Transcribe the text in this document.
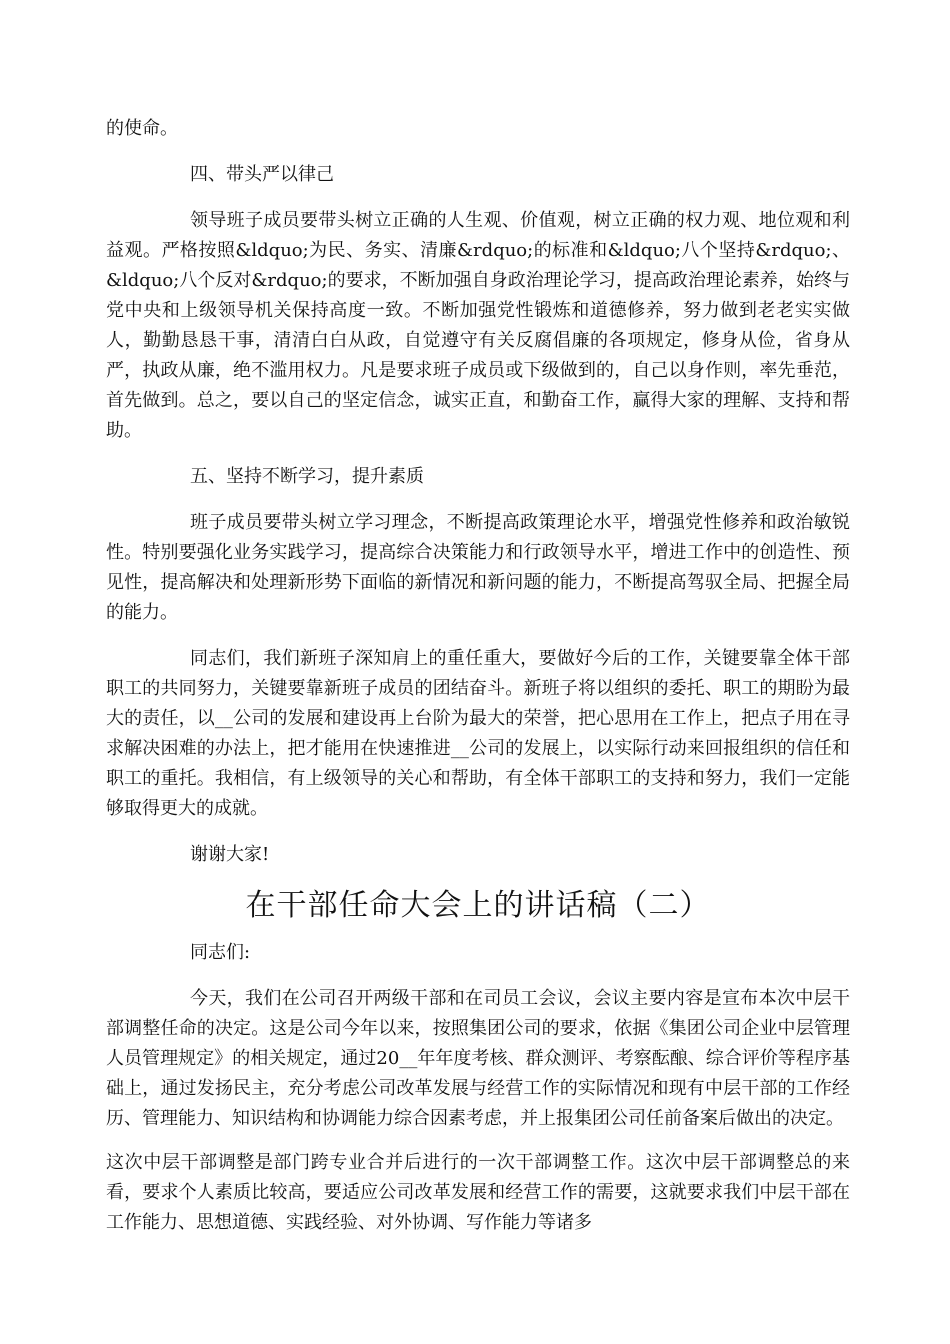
的使命。

四、带头严以律己

领导班子成员要带头树立正确的人生观、价值观，树立正确的权力观、地位观和利益观。严格按照&ldquo;为民、务实、清廉&rdquo;的标准和&ldquo;八个坚持&rdquo;、&ldquo;八个反对&rdquo;的要求，不断加强自身政治理论学习，提高政治理论素养，始终与党中央和上级领导机关保持高度一致。不断加强党性锻炼和道德修养，努力做到老老实实做人，勤勤恳恳干事，清清白白从政，自觉遵守有关反腐倡廉的各项规定，修身从俭，省身从严，执政从廉，绝不滥用权力。凡是要求班子成员或下级做到的，自己以身作则，率先垂范，首先做到。总之，要以自己的坚定信念，诚实正直，和勤奋工作，赢得大家的理解、支持和帮助。

五、坚持不断学习，提升素质

班子成员要带头树立学习理念，不断提高政策理论水平，增强党性修养和政治敏锐性。特别要强化业务实践学习，提高综合决策能力和行政领导水平，增进工作中的创造性、预见性，提高解决和处理新形势下面临的新情况和新问题的能力，不断提高驾驭全局、把握全局的能力。

同志们，我们新班子深知肩上的重任重大，要做好今后的工作，关键要靠全体干部职工的共同努力，关键要靠新班子成员的团结奋斗。新班子将以组织的委托、职工的期盼为最大的责任，以__公司的发展和建设再上台阶为最大的荣誉，把心思用在工作上，把点子用在寻求解决困难的办法上，把才能用在快速推进__公司的发展上，以实际行动来回报组织的信任和职工的重托。我相信，有上级领导的关心和帮助，有全体干部职工的支持和努力，我们一定能够取得更大的成就。

谢谢大家!

在干部任命大会上的讲话稿（二）

同志们:

今天，我们在公司召开两级干部和在司员工会议，会议主要内容是宣布本次中层干部调整任命的决定。这是公司今年以来，按照集团公司的要求，依据《集团公司企业中层管理人员管理规定》的相关规定，通过20__年年度考核、群众测评、考察酝酿、综合评价等程序基础上，通过发扬民主，充分考虑公司改革发展与经营工作的实际情况和现有中层干部的工作经历、管理能力、知识结构和协调能力综合因素考虑，并上报集团公司任前备案后做出的决定。

这次中层干部调整是部门跨专业合并后进行的一次干部调整工作。这次中层干部调整总的来看，要求个人素质比较高，要适应公司改革发展和经营工作的需要，这就要求我们中层干部在工作能力、思想道德、实践经验、对外协调、写作能力等诸多
